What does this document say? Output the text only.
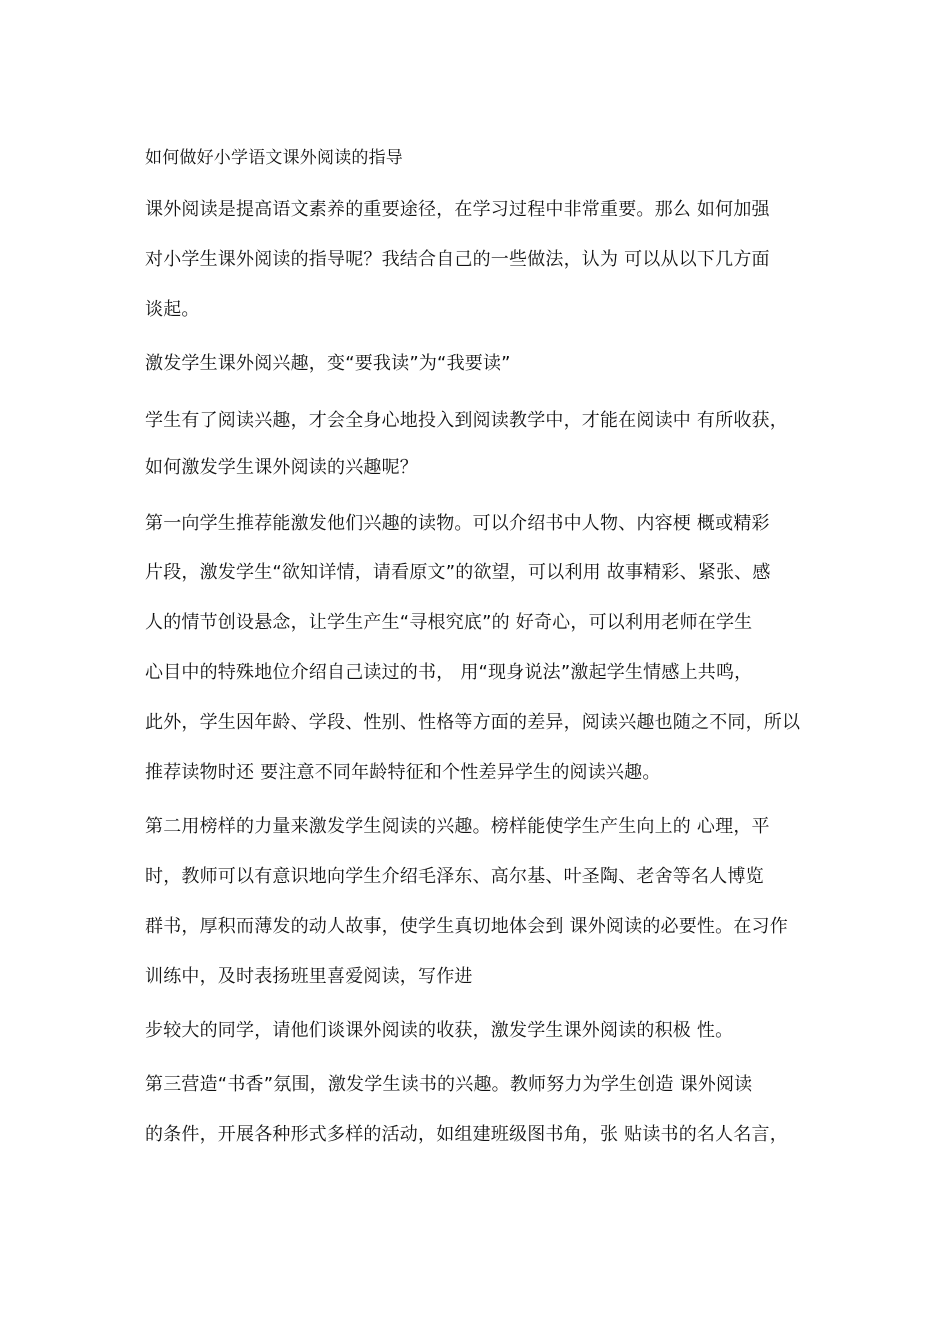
如何做好小学语文课外阅读的指导
课外阅读是提高语文素养的重要途径，在学习过程中非常重要。那么 如何加强
对小学生课外阅读的指导呢？我结合自己的一些做法，认为 可以从以下几方面
谈起。
激发学生课外阅兴趣，变“要我读”为“我要读”
学生有了阅读兴趣，才会全身心地投入到阅读教学中，才能在阅读中 有所收获，
如何激发学生课外阅读的兴趣呢？
第一向学生推荐能激发他们兴趣的读物。可以介绍书中人物、内容梗 概或精彩
片段，激发学生“欲知详情，请看原文”的欲望，可以利用 故事精彩、紧张、感
人的情节创设悬念，让学生产生“寻根究底”的 好奇心，可以利用老师在学生
心目中的特殊地位介绍自己读过的书， 用“现身说法”激起学生情感上共鸣，
此外，学生因年龄、学段、性别、性格等方面的差异，阅读兴趣也随之不同，所以
推荐读物时还 要注意不同年龄特征和个性差异学生的阅读兴趣。
第二用榜样的力量来激发学生阅读的兴趣。榜样能使学生产生向上的 心理，平
时，教师可以有意识地向学生介绍毛泽东、高尔基、叶圣陶、老舍等名人博览
群书，厚积而薄发的动人故事，使学生真切地体会到 课外阅读的必要性。在习作
训练中，及时表扬班里喜爱阅读，写作进
步较大的同学，请他们谈课外阅读的收获，激发学生课外阅读的积极 性。
第三营造“书香”氛围，激发学生读书的兴趣。教师努力为学生创造 课外阅读
的条件，开展各种形式多样的活动，如组建班级图书角，张 贴读书的名人名言，
